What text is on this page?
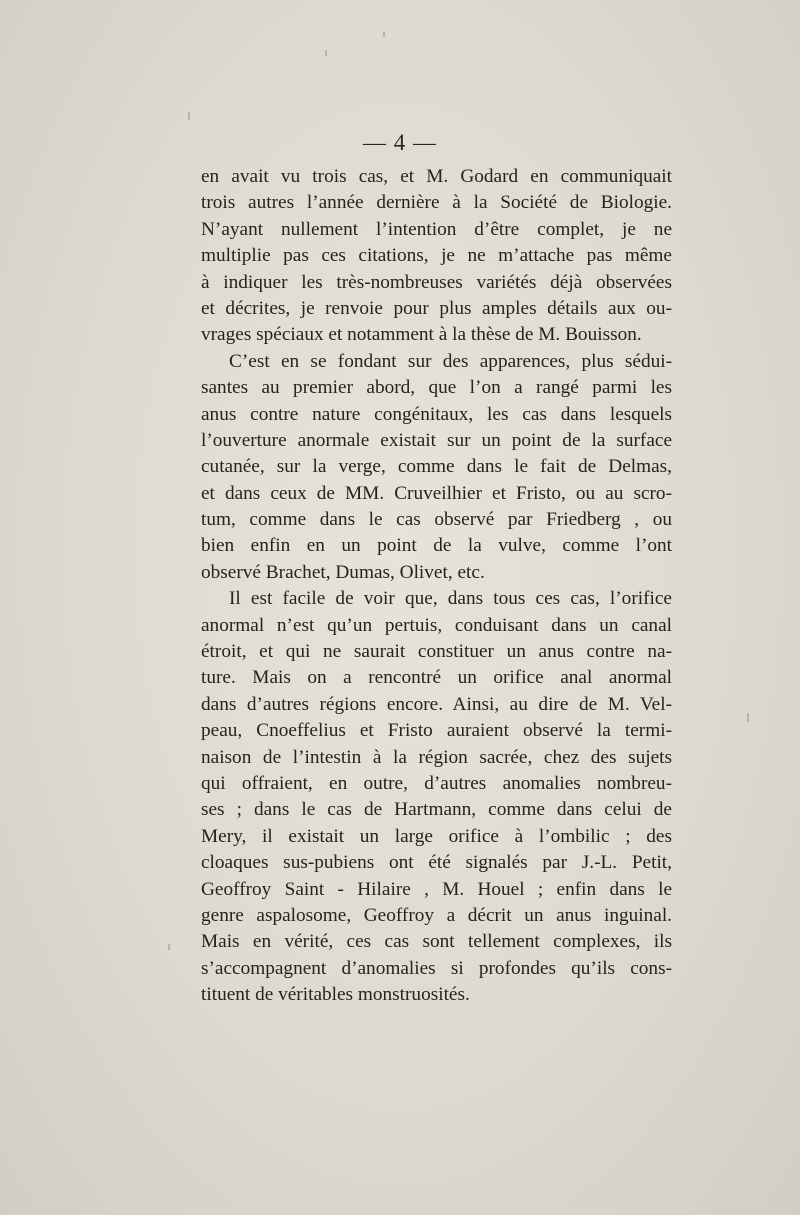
— 4 —
en avait vu trois cas, et M. Godard en communiquait
trois autres l’année dernière à la Société de Biologie.
N’ayant nullement l’intention d’être complet, je ne
multiplie pas ces citations, je ne m’attache pas même
à indiquer les très-nombreuses variétés déjà observées
et décrites, je renvoie pour plus amples détails aux ou-
vrages spéciaux et notamment à la thèse de M. Bouisson.
C’est en se fondant sur des apparences, plus sédui-
santes au premier abord, que l’on a rangé parmi les
anus contre nature congénitaux, les cas dans lesquels
l’ouverture anormale existait sur un point de la surface
cutanée, sur la verge, comme dans le fait de Delmas,
et dans ceux de MM. Cruveilhier et Fristo, ou au scro-
tum, comme dans le cas observé par Friedberg , ou
bien enfin en un point de la vulve, comme l’ont
observé Brachet, Dumas, Olivet, etc.
Il est facile de voir que, dans tous ces cas, l’orifice
anormal n’est qu’un pertuis, conduisant dans un canal
étroit, et qui ne saurait constituer un anus contre na-
ture. Mais on a rencontré un orifice anal anormal
dans d’autres régions encore. Ainsi, au dire de M. Vel-
peau, Cnoeffelius et Fristo auraient observé la termi-
naison de l’intestin à la région sacrée, chez des sujets
qui offraient, en outre, d’autres anomalies nombreu-
ses ; dans le cas de Hartmann, comme dans celui de
Mery, il existait un large orifice à l’ombilic ; des
cloaques sus-pubiens ont été signalés par J.-L. Petit,
Geoffroy Saint - Hilaire , M. Houel ; enfin dans le
genre aspalosome, Geoffroy a décrit un anus inguinal.
Mais en vérité, ces cas sont tellement complexes, ils
s’accompagnent d’anomalies si profondes qu’ils cons-
tituent de véritables monstruosités.
